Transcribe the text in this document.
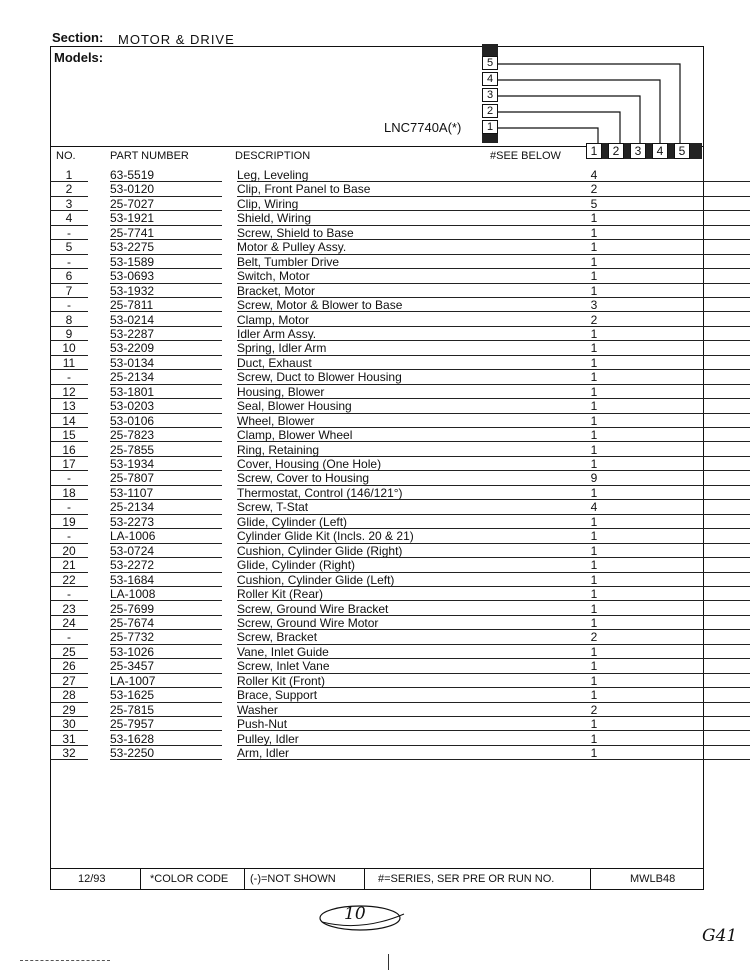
Section: MOTOR & DRIVE
Models:
LNC7740A(*)
5
4
3
2
1
NO.	PART NUMBER	DESCRIPTION	#SEE BELOW	1	2	3	4	5
1	63-5519	Leg, Leveling	4
2	53-0120	Clip, Front Panel to Base	2
3	25-7027	Clip, Wiring	5
4	53-1921	Shield, Wiring	1
-	25-7741	Screw, Shield to Base	1
5	53-2275	Motor & Pulley Assy.	1
-	53-1589	Belt, Tumbler Drive	1
6	53-0693	Switch, Motor	1
7	53-1932	Bracket, Motor	1
-	25-7811	Screw, Motor & Blower to Base	3
8	53-0214	Clamp, Motor	2
9	53-2287	Idler Arm Assy.	1
10	53-2209	Spring, Idler Arm	1
11	53-0134	Duct, Exhaust	1
-	25-2134	Screw, Duct to Blower Housing	1
12	53-1801	Housing, Blower	1
13	53-0203	Seal, Blower Housing	1
14	53-0106	Wheel, Blower	1
15	25-7823	Clamp, Blower Wheel	1
16	25-7855	Ring, Retaining	1
17	53-1934	Cover, Housing (One Hole)	1
-	25-7807	Screw, Cover to Housing	9
18	53-1107	Thermostat, Control (146/121°)	1
-	25-2134	Screw, T-Stat	4
19	53-2273	Glide, Cylinder (Left)	1
-	LA-1006	Cylinder Glide Kit (Incls. 20 & 21)	1
20	53-0724	Cushion, Cylinder Glide (Right)	1
21	53-2272	Glide, Cylinder (Right)	1
22	53-1684	Cushion, Cylinder Glide (Left)	1
-	LA-1008	Roller Kit (Rear)	1
23	25-7699	Screw, Ground Wire Bracket	1
24	25-7674	Screw, Ground Wire Motor	1
-	25-7732	Screw, Bracket	2
25	53-1026	Vane, Inlet Guide	1
26	25-3457	Screw, Inlet Vane	1
27	LA-1007	Roller Kit (Front)	1
28	53-1625	Brace, Support	1
29	25-7815	Washer	2
30	25-7957	Push-Nut	1
31	53-1628	Pulley, Idler	1
32	53-2250	Arm, Idler	1
12/93	*COLOR CODE (-)=NOT SHOWN	#=SERIES, SER PRE OR RUN NO.	MWLB48
10
G41
